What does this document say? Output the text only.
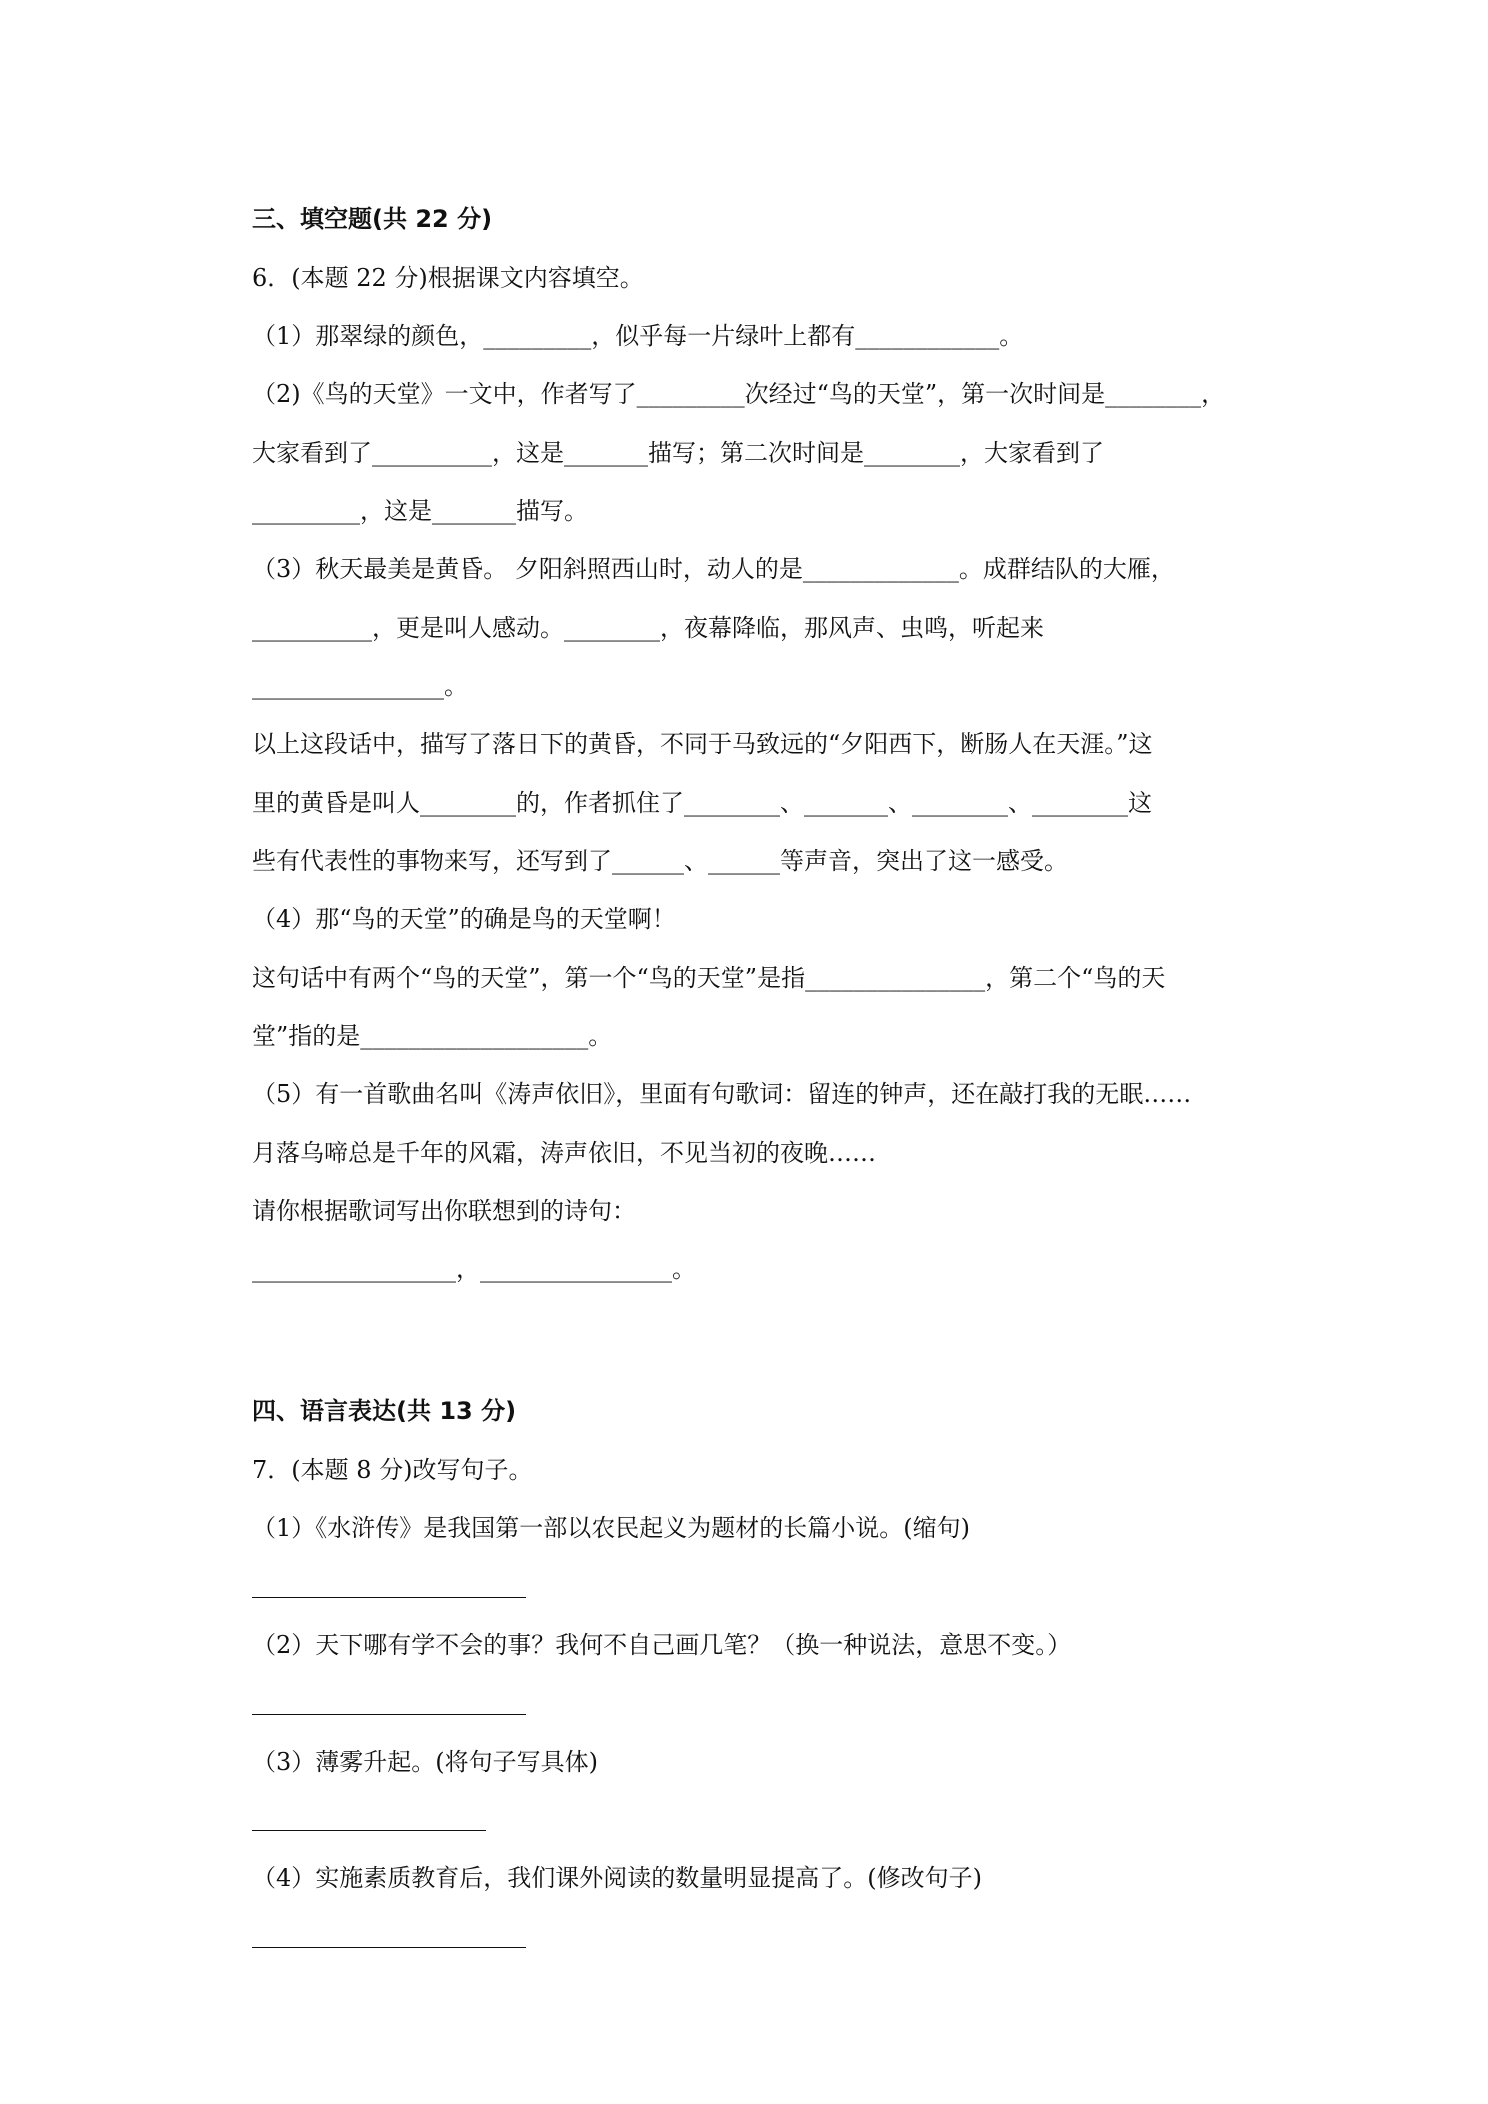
三、填空题(共 22 分)
6．(本题 22 分)根据课文内容填空。
（1）那翠绿的颜色，_________，似乎每一片绿叶上都有____________。
（2)《鸟的天堂》一文中，作者写了_________次经过“鸟的天堂”，第一次时间是________，
大家看到了__________，这是_______描写；第二次时间是________，大家看到了
_________，这是_______描写。
（3）秋天最美是黄昏。 夕阳斜照西山时，动人的是_____________。成群结队的大雁，
__________，更是叫人感动。________，夜幕降临，那风声、虫鸣，听起来
________________。
以上这段话中，描写了落日下的黄昏，不同于马致远的“夕阳西下，断肠人在天涯。”这
里的黄昏是叫人________的，作者抓住了________、_______、________、________这
些有代表性的事物来写，还写到了______、______等声音，突出了这一感受。
（4）那“鸟的天堂”的确是鸟的天堂啊！
这句话中有两个“鸟的天堂”，第一个“鸟的天堂”是指_______________，第二个“鸟的天
堂”指的是___________________。
（5）有一首歌曲名叫《涛声依旧》，里面有句歌词：留连的钟声，还在敲打我的无眠……
月落乌啼总是千年的风霜，涛声依旧，不见当初的夜晚……
请你根据歌词写出你联想到的诗句：
_________________，________________。
四、语言表达(共 13 分)
7．(本题 8 分)改写句子。
（1）《水浒传》是我国第一部以农民起义为题材的长篇小说。(缩句)
（2）天下哪有学不会的事？我何不自己画几笔？（换一种说法，意思不变。）
（3）薄雾升起。(将句子写具体)
（4）实施素质教育后，我们课外阅读的数量明显提高了。(修改句子)
